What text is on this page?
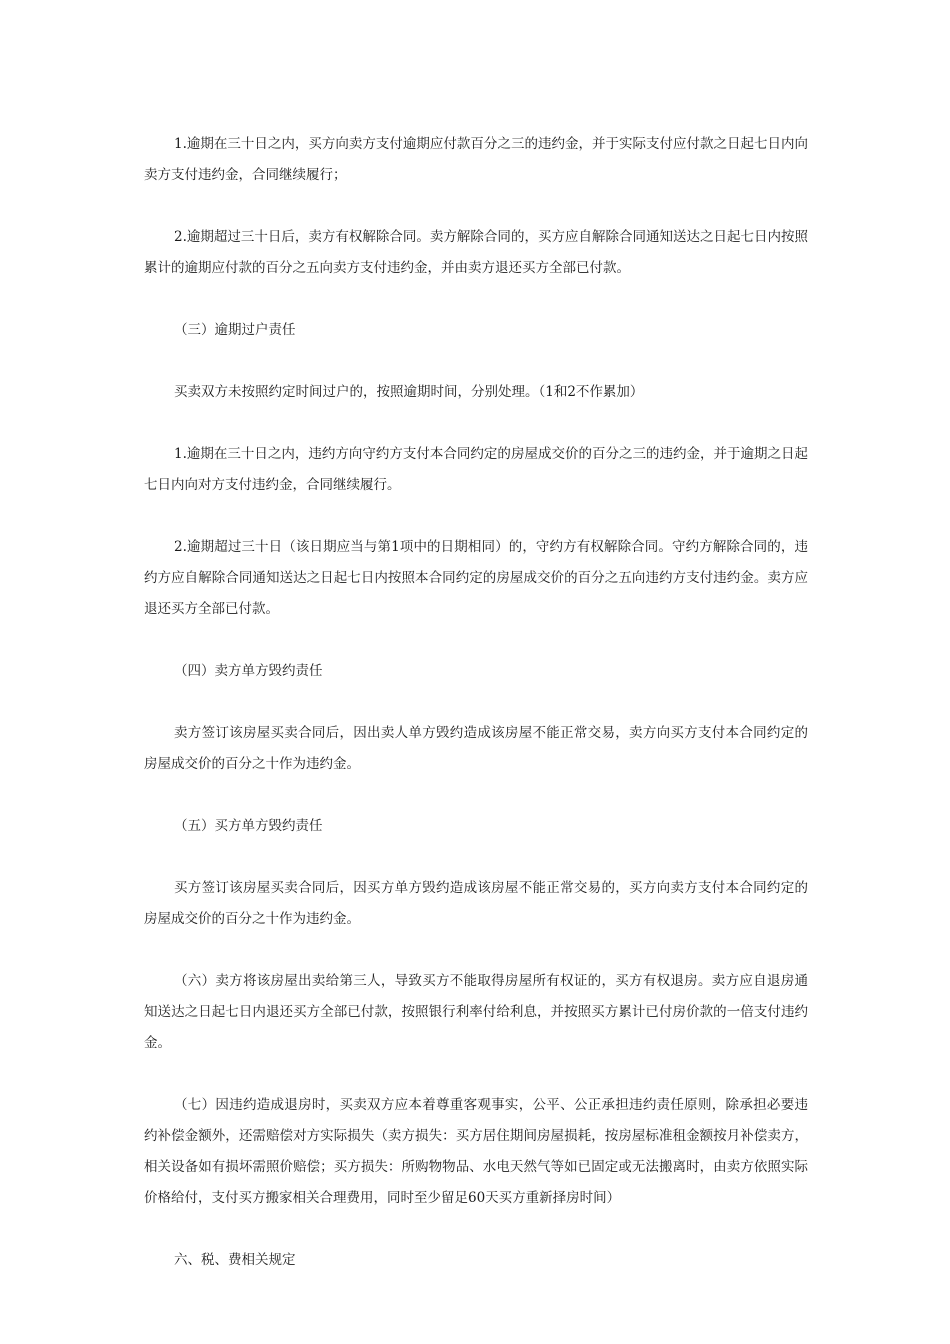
1.逾期在三十日之内，买方向卖方支付逾期应付款百分之三的违约金，并于实际支付应付款之日起七日内向卖方支付违约金，合同继续履行；

2.逾期超过三十日后，卖方有权解除合同。卖方解除合同的，买方应自解除合同通知送达之日起七日内按照累计的逾期应付款的百分之五向卖方支付违约金，并由卖方退还买方全部已付款。

（三）逾期过户责任

买卖双方未按照约定时间过户的，按照逾期时间，分别处理。（1和2不作累加）

1.逾期在三十日之内，违约方向守约方支付本合同约定的房屋成交价的百分之三的违约金，并于逾期之日起七日内向对方支付违约金，合同继续履行。

2.逾期超过三十日（该日期应当与第1项中的日期相同）的，守约方有权解除合同。守约方解除合同的，违约方应自解除合同通知送达之日起七日内按照本合同约定的房屋成交价的百分之五向违约方支付违约金。卖方应退还买方全部已付款。

（四）卖方单方毁约责任

卖方签订该房屋买卖合同后，因出卖人单方毁约造成该房屋不能正常交易，卖方向买方支付本合同约定的房屋成交价的百分之十作为违约金。

（五）买方单方毁约责任

买方签订该房屋买卖合同后，因买方单方毁约造成该房屋不能正常交易的，买方向卖方支付本合同约定的房屋成交价的百分之十作为违约金。

（六）卖方将该房屋出卖给第三人，导致买方不能取得房屋所有权证的，买方有权退房。卖方应自退房通知送达之日起七日内退还买方全部已付款，按照银行利率付给利息，并按照买方累计已付房价款的一倍支付违约金。

（七）因违约造成退房时，买卖双方应本着尊重客观事实，公平、公正承担违约责任原则，除承担必要违约补偿金额外，还需赔偿对方实际损失（卖方损失：买方居住期间房屋损耗，按房屋标准租金额按月补偿卖方，相关设备如有损坏需照价赔偿；买方损失：所购物物品、水电天然气等如已固定或无法搬离时，由卖方依照实际价格给付，支付买方搬家相关合理费用，同时至少留足60天买方重新择房时间）

六、税、费相关规定
